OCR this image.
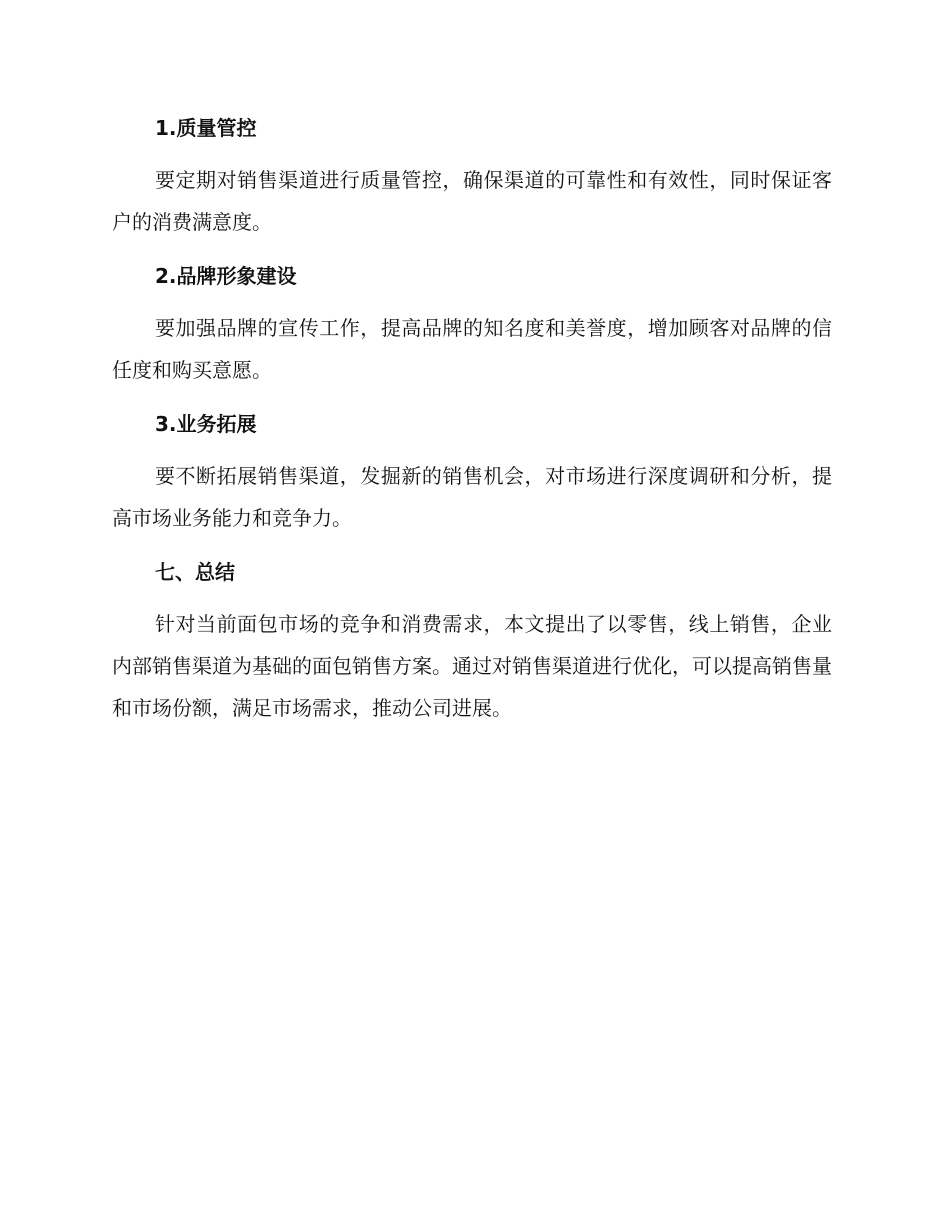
1.质量管控

要定期对销售渠道进行质量管控，确保渠道的可靠性和有效性，同时保证客户的消费满意度。

2.品牌形象建设

要加强品牌的宣传工作，提高品牌的知名度和美誉度，增加顾客对品牌的信任度和购买意愿。

3.业务拓展

要不断拓展销售渠道，发掘新的销售机会，对市场进行深度调研和分析，提高市场业务能力和竞争力。

七、总结

针对当前面包市场的竞争和消费需求，本文提出了以零售，线上销售，企业内部销售渠道为基础的面包销售方案。通过对销售渠道进行优化，可以提高销售量和市场份额，满足市场需求，推动公司进展。
